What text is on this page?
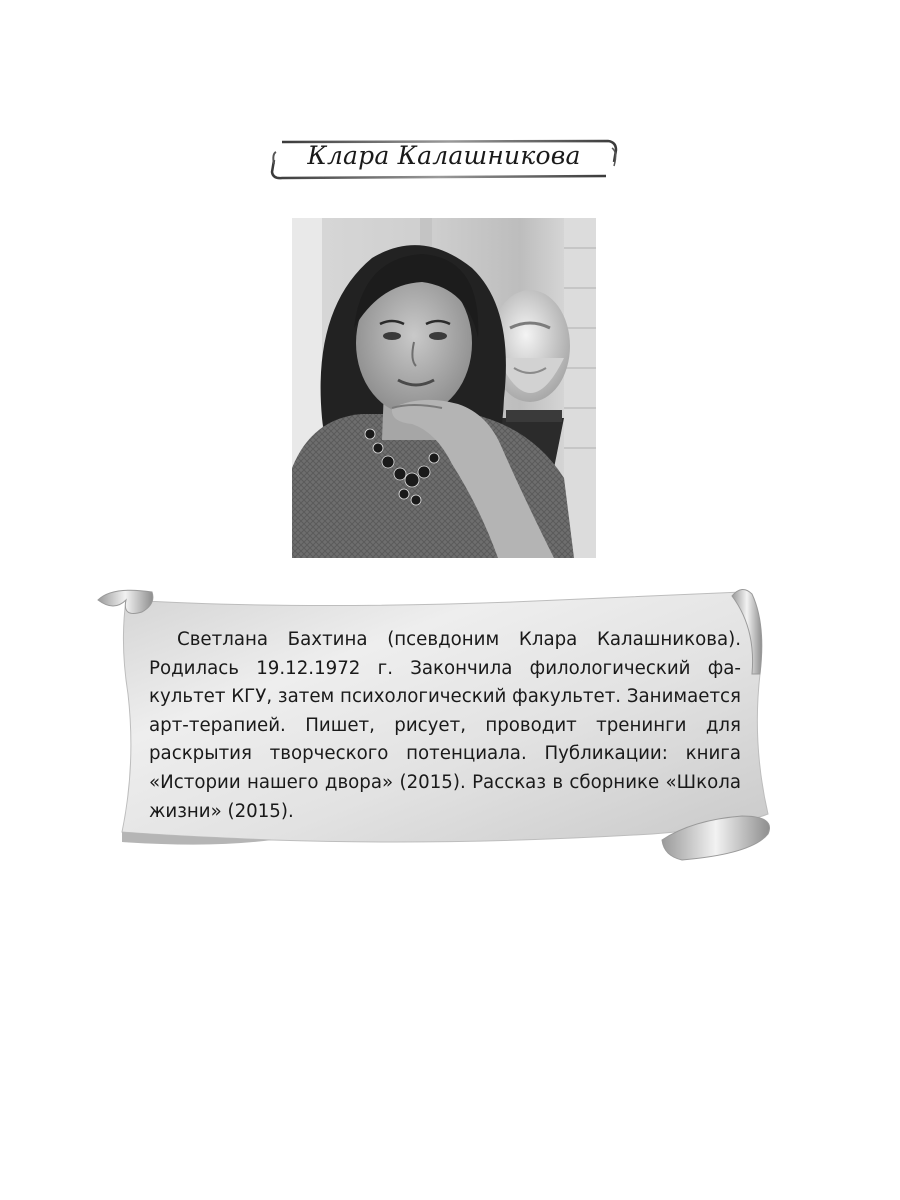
Клара Калашникова

Светлана Бахтина (псевдоним Клара Калашникова). Родилась 19.12.1972 г. Закончила филологический факультет КГУ, затем психологический факультет. Занимается арт-терапией. Пишет, рисует, проводит тренинги для раскрытия творческого потенциала. Публикации: книга «Истории нашего двора» (2015). Рассказ в сборнике «Школа жизни» (2015).
